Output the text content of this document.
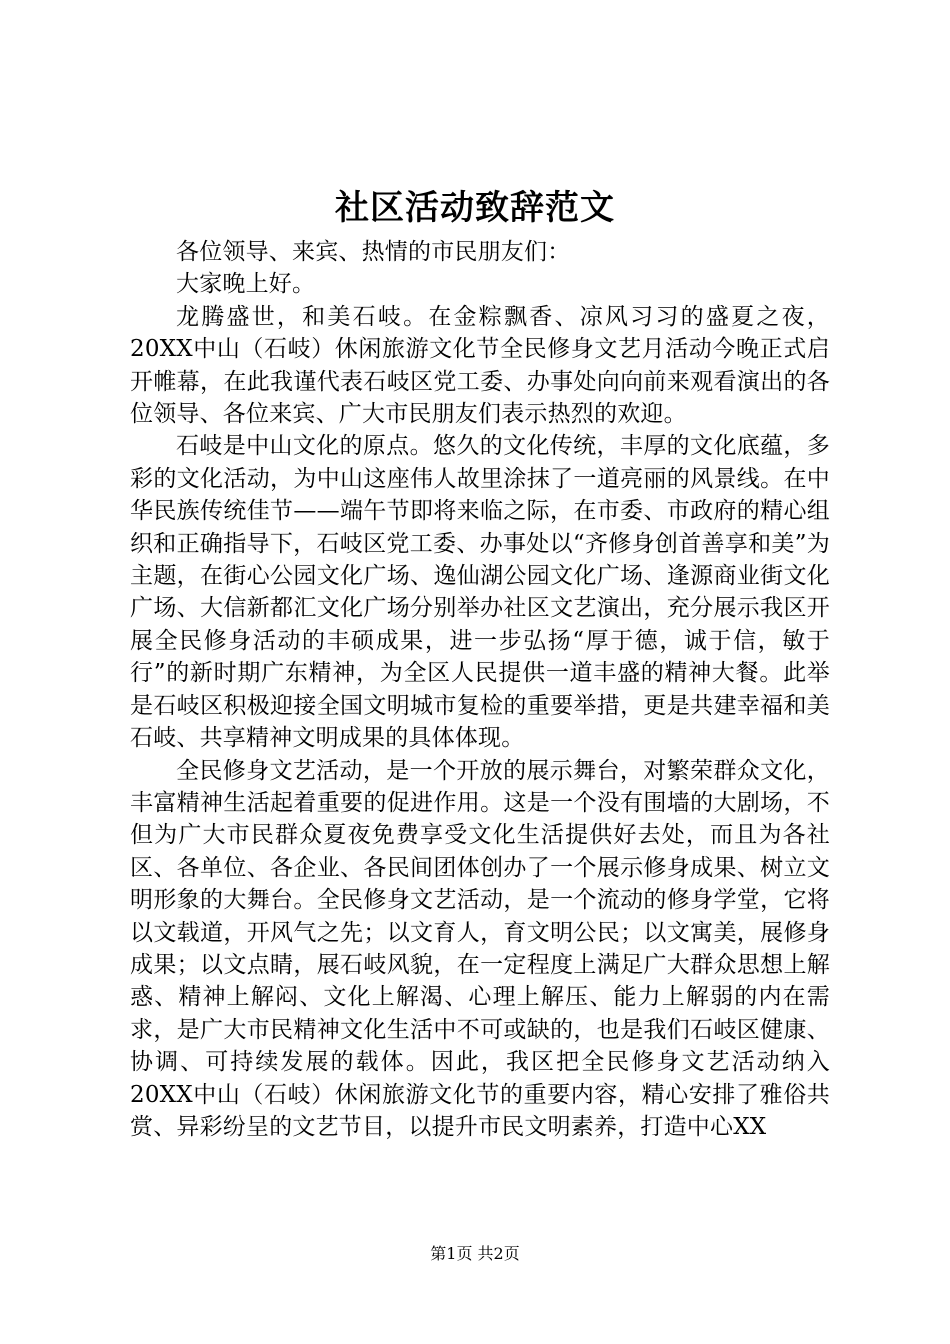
社区活动致辞范文

各位领导、来宾、热情的市民朋友们：

大家晚上好。

龙腾盛世，和美石岐。在金粽飘香、凉风习习的盛夏之夜，20XX中山（石岐）休闲旅游文化节全民修身文艺月活动今晚正式启开帷幕，在此我谨代表石岐区党工委、办事处向向前来观看演出的各位领导、各位来宾、广大市民朋友们表示热烈的欢迎。

石岐是中山文化的原点。悠久的文化传统，丰厚的文化底蕴，多彩的文化活动，为中山这座伟人故里涂抹了一道亮丽的风景线。在中华民族传统佳节——端午节即将来临之际，在市委、市政府的精心组织和正确指导下，石岐区党工委、办事处以“齐修身创首善享和美”为主题，在街心公园文化广场、逸仙湖公园文化广场、逢源商业街文化广场、大信新都汇文化广场分别举办社区文艺演出，充分展示我区开展全民修身活动的丰硕成果，进一步弘扬“厚于德，诚于信，敏于行”的新时期广东精神，为全区人民提供一道丰盛的精神大餐。此举是石岐区积极迎接全国文明城市复检的重要举措，更是共建幸福和美石岐、共享精神文明成果的具体体现。

全民修身文艺活动，是一个开放的展示舞台，对繁荣群众文化，丰富精神生活起着重要的促进作用。这是一个没有围墙的大剧场，不但为广大市民群众夏夜免费享受文化生活提供好去处，而且为各社区、各单位、各企业、各民间团体创办了一个展示修身成果、树立文明形象的大舞台。全民修身文艺活动，是一个流动的修身学堂，它将以文载道，开风气之先；以文育人，育文明公民；以文寓美，展修身成果；以文点睛，展石岐风貌，在一定程度上满足广大群众思想上解惑、精神上解闷、文化上解渴、心理上解压、能力上解弱的内在需求，是广大市民精神文化生活中不可或缺的，也是我们石岐区健康、协调、可持续发展的载体。因此，我区把全民修身文艺活动纳入20XX中山（石岐）休闲旅游文化节的重要内容，精心安排了雅俗共赏、异彩纷呈的文艺节目，以提升市民文明素养，打造中心XX

第1页 共2页
